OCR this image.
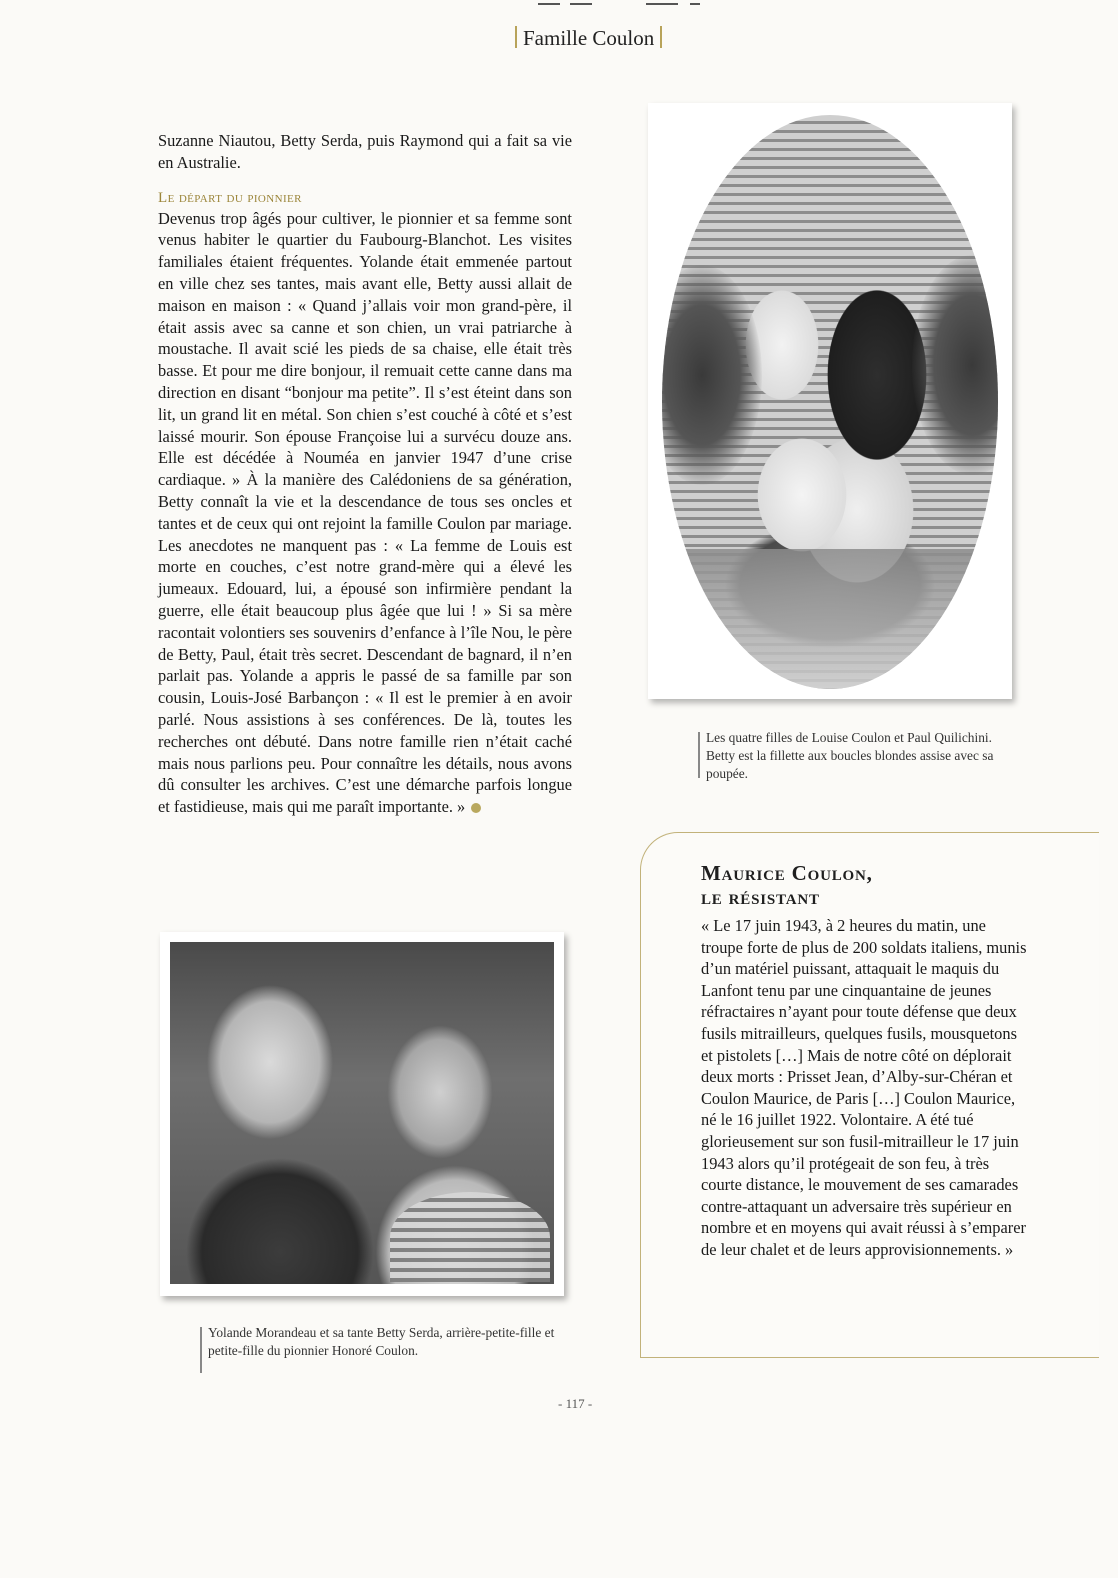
Famille Coulon

Suzanne Niautou, Betty Serda, puis Raymond qui a fait sa vie en Australie.

Le départ du pionnier

Devenus trop âgés pour cultiver, le pionnier et sa femme sont venus habiter le quartier du Faubourg-Blanchot. Les visites familiales étaient fréquentes. Yolande était emmenée partout en ville chez ses tantes, mais avant elle, Betty aussi allait de maison en maison : « Quand j’allais voir mon grand-père, il était assis avec sa canne et son chien, un vrai patriarche à moustache. Il avait scié les pieds de sa chaise, elle était très basse. Et pour me dire bonjour, il remuait cette canne dans ma direction en disant “bonjour ma petite”. Il s’est éteint dans son lit, un grand lit en métal. Son chien s’est couché à côté et s’est laissé mourir. Son épouse Françoise lui a survécu douze ans. Elle est décédée à Nouméa en janvier 1947 d’une crise cardiaque. » À la manière des Calédoniens de sa génération, Betty connaît la vie et la descendance de tous ses oncles et tantes et de ceux qui ont rejoint la famille Coulon par mariage. Les anecdotes ne manquent pas : « La femme de Louis est morte en couches, c’est notre grand-mère qui a élevé les jumeaux. Edouard, lui, a épousé son infirmière pendant la guerre, elle était beaucoup plus âgée que lui ! » Si sa mère racontait volontiers ses souvenirs d’enfance à l’île Nou, le père de Betty, Paul, était très secret. Descendant de bagnard, il n’en parlait pas. Yolande a appris le passé de sa famille par son cousin, Louis-José Barbançon : « Il est le premier à en avoir parlé. Nous assistions à ses conférences. De là, toutes les recherches ont débuté. Dans notre famille rien n’était caché mais nous parlions peu. Pour connaître les détails, nous avons dû consulter les archives. C’est une démarche parfois longue et fastidieuse, mais qui me paraît importante. »

Les quatre filles de Louise Coulon et Paul Quilichini. Betty est la fillette aux boucles blondes assise avec sa poupée.
Yolande Morandeau et sa tante Betty Serda, arrière-petite-fille et petite-fille du pionnier Honoré Coulon.
Maurice Coulon,
le résistant

« Le 17 juin 1943, à 2 heures du matin, une troupe forte de plus de 200 soldats italiens, munis d’un matériel puissant, attaquait le maquis du Lanfont tenu par une cinquantaine de jeunes réfractaires n’ayant pour toute défense que deux fusils mitrailleurs, quelques fusils, mousquetons et pistolets […] Mais de notre côté on déplorait deux morts : Prisset Jean, d’Alby-sur-Chéran et Coulon Maurice, de Paris […] Coulon Maurice, né le 16 juillet 1922. Volontaire. A été tué glorieusement sur son fusil-mitrailleur le 17 juin 1943 alors qu’il protégeait de son feu, à très courte distance, le mouvement de ses camarades contre-attaquant un adversaire très supérieur en nombre et en moyens qui avait réussi à s’emparer de leur chalet et de leurs approvisionnements. »

- 117 -
